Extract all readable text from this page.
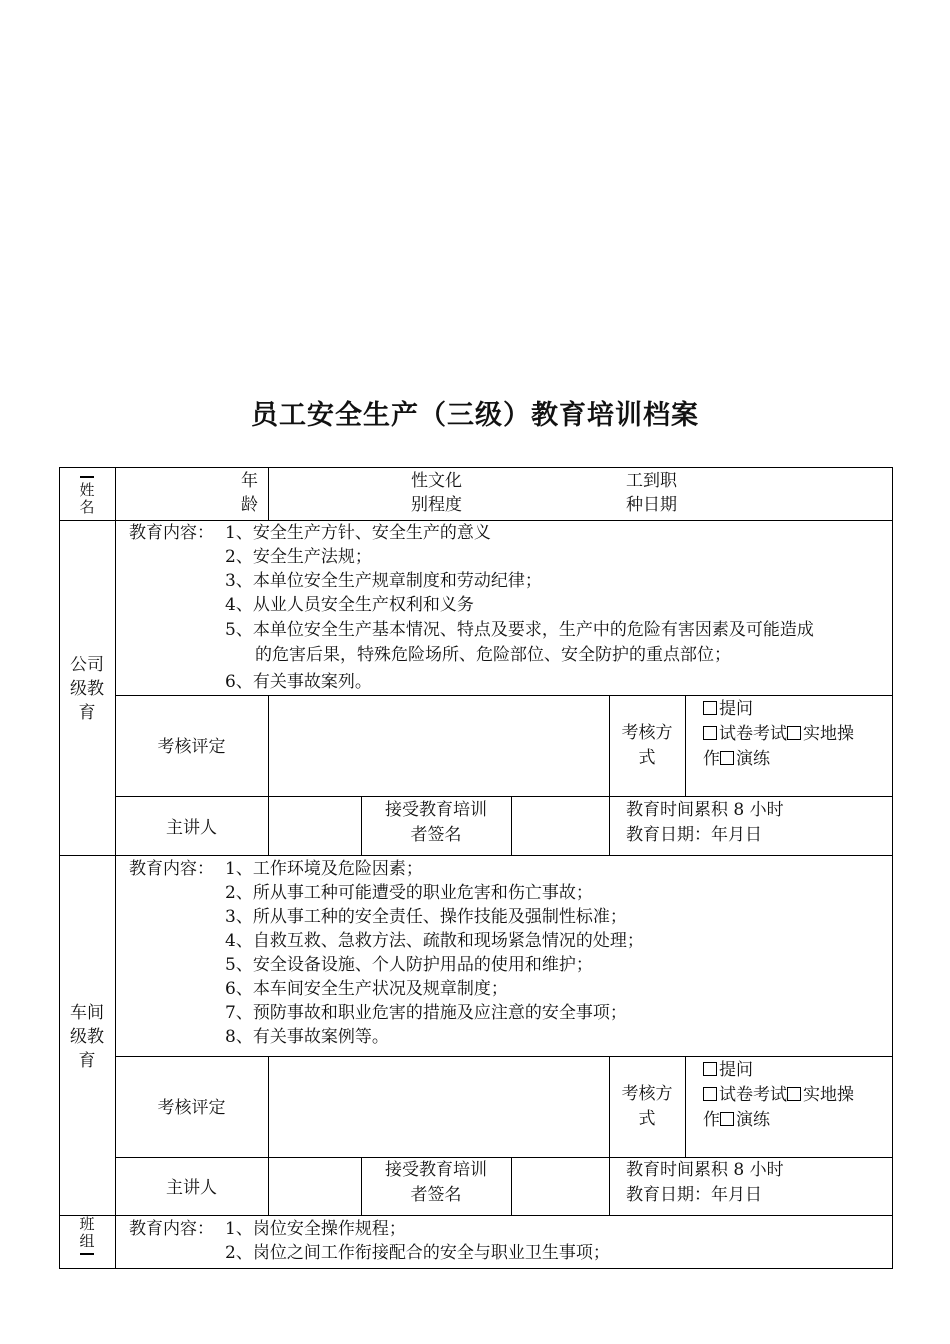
员工安全生产（三级）教育培训档案
姓名
年
龄
性文化
别程度
工到职
种日期
公司
级教
育
教育内容： 1、安全生产方针、安全生产的意义
2、安全生产法规；
3、本单位安全生产规章制度和劳动纪律；
4、从业人员安全生产权利和义务
5、本单位安全生产基本情况、特点及要求，生产中的危险有害因素及可能造成
的危害后果，特殊危险场所、危险部位、安全防护的重点部位；
6、有关事故案列。
考核评定
考核方
式
提问
试卷考试 实地操
作 演练
主讲人
接受教育培训
者签名
教育时间累积 8 小时
教育日期：年月日
车间
级教
育
教育内容： 1、工作环境及危险因素；
2、所从事工种可能遭受的职业危害和伤亡事故；
3、所从事工种的安全责任、操作技能及强制性标准；
4、自救互救、急救方法、疏散和现场紧急情况的处理；
5、安全设备设施、个人防护用品的使用和维护；
6、本车间安全生产状况及规章制度；
7、预防事故和职业危害的措施及应注意的安全事项；
8、有关事故案例等。
考核评定
考核方
式
提问
试卷考试 实地操
作 演练
主讲人
接受教育培训
者签名
教育时间累积 8 小时
教育日期：年月日
班
组
教育内容： 1、岗位安全操作规程；
2、岗位之间工作衔接配合的安全与职业卫生事项；
